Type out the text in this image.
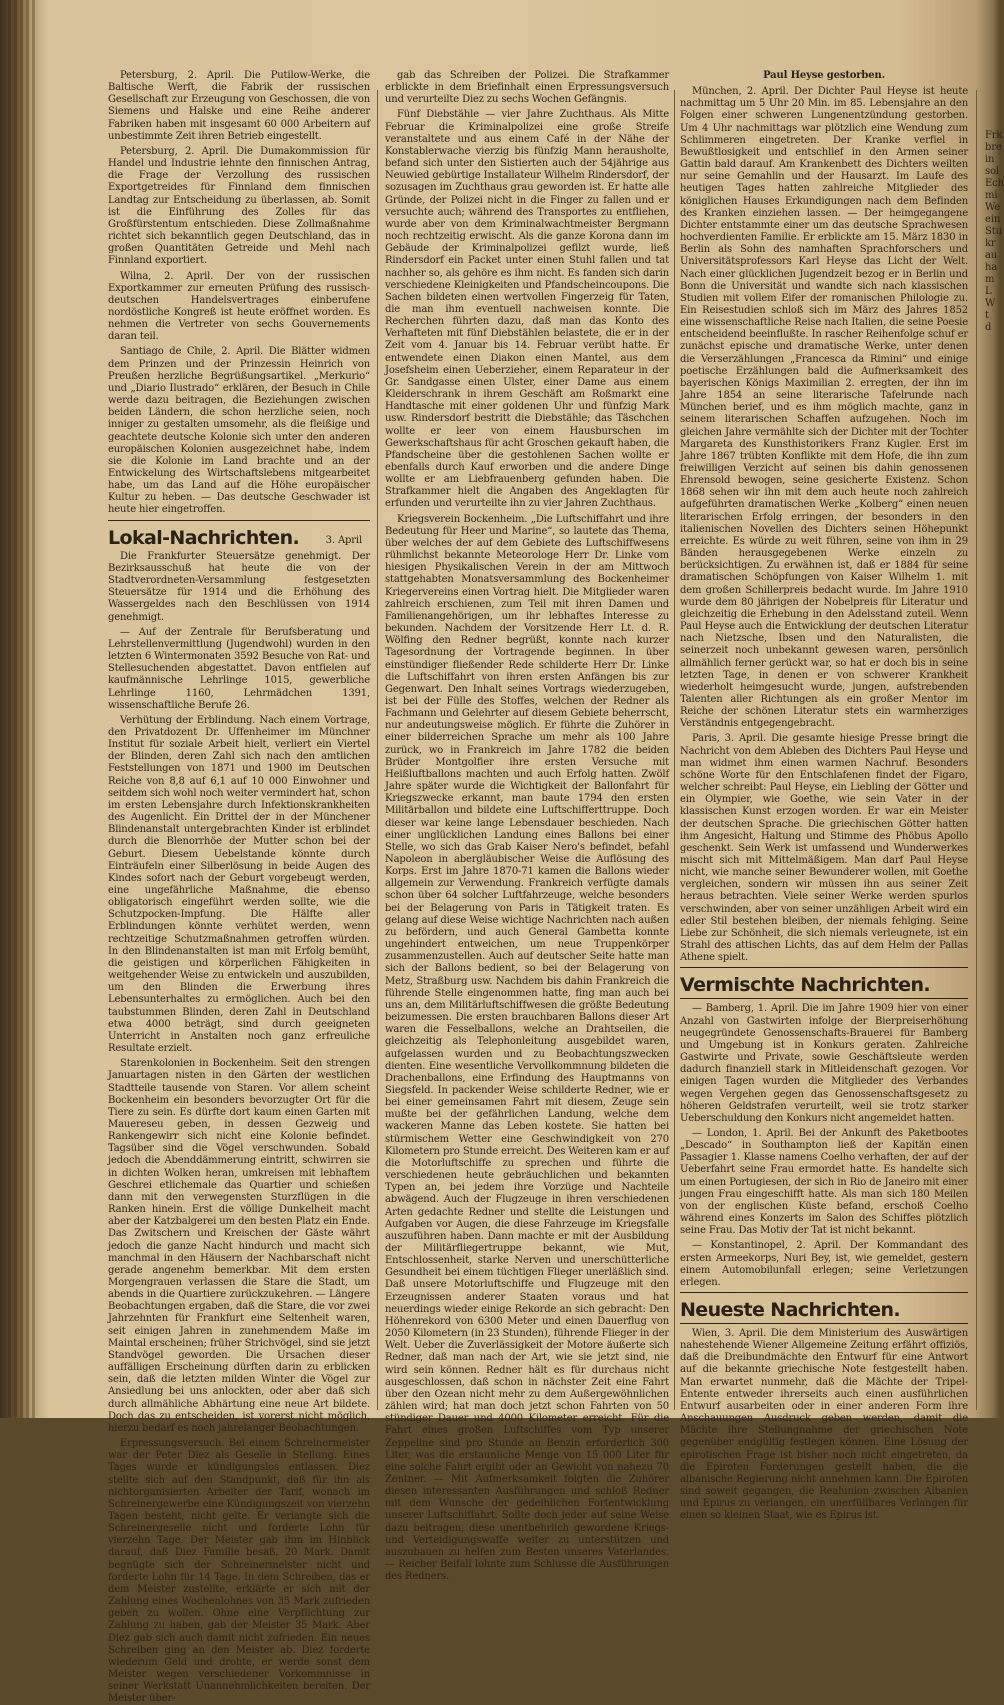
Petersburg, 2. April. Die Putilow-Werke, die Baltische Werft, die Fabrik der russischen Gesellschaft zur Erzeugung von Geschossen, die von Siemens und Halske und eine Reihe anderer Fabriken haben mit insgesamt 60 000 Arbeitern auf unbestimmte Zeit ihren Betrieb eingestellt.

Petersburg, 2. April. Die Dumakommission für Handel und Industrie lehnte den finnischen Antrag, die Frage der Verzollung des russischen Exportgetreides für Finnland dem finnischen Landtag zur Entscheidung zu überlassen, ab. Somit ist die Einführung des Zolles für das Großfürstentum entschieden. Diese Zollmaßnahme richtet sich bekanntlich gegen Deutschland, das in großen Quantitäten Getreide und Mehl nach Finnland exportiert.

Wilna, 2. April. Der von der russischen Exportkammer zur erneuten Prüfung des russisch-deutschen Handelsvertrages einberufene nordöstliche Kongreß ist heute eröffnet worden. Es nehmen die Vertreter von sechs Gouvernements daran teil.

Santiago de Chile, 2. April. Die Blätter widmen dem Prinzen und der Prinzessin Heinrich von Preußen herzliche Begrüßungsartikel. „Merkurio“ und „Diario Ilustrado“ erklären, der Besuch in Chile werde dazu beitragen, die Beziehungen zwischen beiden Ländern, die schon herzliche seien, noch inniger zu gestalten umsomehr, als die fleißige und geachtete deutsche Kolonie sich unter den anderen europäischen Kolonien ausgezeichnet habe, indem sie die Kolonie im Land brachte und an der Entwickelung des Wirtschaftslebens mitgearbeitet habe, um das Land auf die Höhe europäischer Kultur zu heben. — Das deutsche Geschwader ist heute hier eingetroffen.

Lokal-Nachrichten.	3. April

Die Frankfurter Steuersätze genehmigt. Der Bezirksausschuß hat heute die von der Stadtverordneten-Versammlung festgesetzten Steuersätze für 1914 und die Erhöhung des Wassergeldes nach den Beschlüssen von 1914 genehmigt.

— Auf der Zentrale für Berufsberatung und Lehrstellenvermittlung (Jugendwohl) wurden in den letzten 6 Wintermonaten 3592 Besuche von Rat- und Stellesuchenden abgestattet. Davon entfielen auf kaufmännische Lehrlinge 1015, gewerbliche Lehrlinge 1160, Lehrmädchen 1391, wissenschaftliche Berufe 26.

Verhütung der Erblindung. Nach einem Vortrage, den Privatdozent Dr. Uffenheimer im Münchner Institut für soziale Arbeit hielt, verliert ein Viertel der Blinden, deren Zahl sich nach den amtlichen Feststellungen von 1871 und 1900 im Deutschen Reiche von 8,8 auf 6,1 auf 10 000 Einwohner und seitdem sich wohl noch weiter vermindert hat, schon im ersten Lebensjahre durch Infektionskrankheiten des Augenlicht. Ein Drittel der in der Münchener Blindenanstalt untergebrachten Kinder ist erblindet durch die Blenorrhöe der Mutter schon bei der Geburt. Diesem Uebelstande könnte durch Einträufeln einer Silberlösung in beide Augen des Kindes sofort nach der Geburt vorgebeugt werden, eine ungefährliche Maßnahme, die ebenso obligatorisch eingeführt werden sollte, wie die Schutzpocken-Impfung. Die Hälfte aller Erblindungen könnte verhütet werden, wenn rechtzeitige Schutzmaßnahmen getroffen würden. In den Blindenanstalten ist man mit Erfolg bemüht, die geistigen und körperlichen Fähigkeiten in weitgehender Weise zu entwickeln und auszubilden, um den Blinden die Erwerbung ihres Lebensunterhaltes zu ermöglichen. Auch bei den taubstummen Blinden, deren Zahl in Deutschland etwa 4000 beträgt, sind durch geeigneten Unterricht in Anstalten noch ganz erfreuliche Resultate erzielt.

Starenkolonien in Bockenheim. Seit den strengen Januartagen nisten in den Gärten der westlichen Stadtteile tausende von Staren. Vor allem scheint Bockenheim ein besonders bevorzugter Ort für die Tiere zu sein. Es dürfte dort kaum einen Garten mit Mauereseu geben, in dessen Gezweig und Rankengewirr sich nicht eine Kolonie befindet. Tagsüber sind die Vögel verschwunden. Sobald jedoch die Abenddämmerung eintritt, schwirren sie in dichten Wolken heran, umkreisen mit lebhaftem Geschrei etlichemale das Quartier und schießen dann mit den verwegensten Sturzflügen in die Ranken hinein. Erst die völlige Dunkelheit macht aber der Katzbalgerei um den besten Platz ein Ende. Das Zwitschern und Kreischen der Gäste währt jedoch die ganze Nacht hindurch und macht sich manchmal in den Häusern der Nachbarschaft nicht gerade angenehm bemerkbar. Mit dem ersten Morgengrauen verlassen die Stare die Stadt, um abends in die Quartiere zurückzukehren. — Längere Beobachtungen ergaben, daß die Stare, die vor zwei Jahrzehnten für Frankfurt eine Seltenheit waren, seit einigen Jahren in zunehmendem Maße im Maintal erscheinen; früher Strichvögel, sind sie jetzt Standvögel geworden. Die Ursachen dieser auffälligen Erscheinung dürften darin zu erblicken sein, daß die letzten milden Winter die Vögel zur Ansiedlung bei uns anlockten, oder aber daß sich durch allmähliche Abhärtung eine neue Art bildete. Doch das zu entscheiden, ist vorerst nicht möglich, hierzu bedarf es noch jahrelanger Beobachtungen.

Erpressungsversuch. Bei einem Schreinermeister war der Peter Diez als Geselle in Stellung. Eines Tages wurde er kündigungslos entlassen. Diez stellte sich auf den Standpunkt, daß für ihn als nichtorganisierten Arbeiter der Tarif, wonach im Schreinergewerbe eine Kündigungszeit von vierzehn Tagen besteht, nicht gelte. Er verlangte sich die Schreinergeselle nicht und forderte Lohn für vierzehn Tage. Der Meister gab ihm im Hinblick darauf, daß Diez Familie besaß, 20 Mark. Damit begnügte sich der Schreinermeister nicht und forderte Lohn für 14 Tage. In dem Schreiben, das er dem Meister zustellte, erklärte er sich mit der Zahlung eines Wochenlohnes von 35 Mark zufrieden geben zu wollen. Ohne eine Verpflichtung zur Zahlung zu haben, gab der Meister 35 Mark. Aber Diez gab sich auch damit nicht zufrieden. Ein neues Schreiben ging an den Meister ab. Diez forderte wiederum Geld und drohte, er werde sonst dem Meister wegen verschiedener Vorkommnisse in seiner Werkstatt Unannehmlichkeiten bereiten. Der Meister über-

gab das Schreiben der Polizei. Die Strafkammer erblickte in dem Briefinhalt einen Erpressungsversuch und verurteilte Diez zu sechs Wochen Gefängnis.

Fünf Diebstähle — vier Jahre Zuchthaus. Als Mitte Februar die Kriminalpolizei eine große Streife veranstaltete und aus einem Café in der Nähe der Konstablerwache vierzig bis fünfzig Mann herausholte, befand sich unter den Sistierten auch der 54jährige aus Neuwied gebürtige Installateur Wilhelm Rindersdorf, der sozusagen im Zuchthaus grau geworden ist. Er hatte alle Gründe, der Polizei nicht in die Finger zu fallen und er versuchte auch; während des Transportes zu entfliehen, wurde aber von dem Kriminalwachtmeister Bergmann noch rechtzeitig erwischt. Als die ganze Korona dann im Gebäude der Kriminalpolizei gefilzt wurde, ließ Rindersdorf ein Packet unter einen Stuhl fallen und tat nachher so, als gehöre es ihm nicht. Es fanden sich darin verschiedene Kleinigkeiten und Pfandscheincoupons. Die Sachen bildeten einen wertvollen Fingerzeig für Taten, die man ihm eventuell nachweisen konnte. Die Recherchen führten dazu, daß man das Konto des Verhafteten mit fünf Diebstählen belastete, die er in der Zeit vom 4. Januar bis 14. Februar verübt hatte. Er entwendete einen Diakon einen Mantel, aus dem Josefsheim einen Ueberzieher, einem Reparateur in der Gr. Sandgasse einen Ulster, einer Dame aus einem Kleiderschrank in ihrem Geschäft am Roßmarkt eine Handtasche mit einer goldenen Uhr und fünfzig Mark usw. Rindersdorf bestritt die Diebstähle; das Täschchen wollte er leer von einem Hausburschen im Gewerkschaftshaus für acht Groschen gekauft haben, die Pfandscheine über die gestohlenen Sachen wollte er ebenfalls durch Kauf erworben und die andere Dinge wollte er am Liebfrauenberg gefunden haben. Die Strafkammer hielt die Angaben des Angeklagten für erfunden und verurteilte ihn zu vier Jahren Zuchthaus.

Kriegsverein Bockenheim. „Die Luftschiffahrt und ihre Bedeutung für Heer und Marine“, so lautete das Thema, über welches der auf dem Gebiete des Luftschiffwesens rühmlichst bekannte Meteorologe Herr Dr. Linke vom hiesigen Physikalischen Verein in der am Mittwoch stattgehabten Monatsversammlung des Bockenheimer Kriegervereins einen Vortrag hielt. Die Mitglieder waren zahlreich erschienen, zum Teil mit ihren Damen und Familienangehörigen, um ihr lebhaftes Interesse zu bekunden. Nachdem der Vorsitzende Herr Lt. d. R. Wölfing den Redner begrüßt, konnte nach kurzer Tagesordnung der Vortragende beginnen. In über einstündiger fließender Rede schilderte Herr Dr. Linke die Luftschiffahrt von ihren ersten Anfängen bis zur Gegenwart. Den Inhalt seines Vortrags wiederzugeben, ist bei der Fülle des Stoffes, welchen der Redner als Fachmann und Gelehrter auf diesem Gebiete beherrscht, nur andeutungsweise möglich. Er führte die Zuhörer in einer bilderreichen Sprache um mehr als 100 Jahre zurück, wo in Frankreich im Jahre 1782 die beiden Brüder Montgolfier ihre ersten Versuche mit Heißluftballons machten und auch Erfolg hatten. Zwölf Jahre später wurde die Wichtigkeit der Ballonfahrt für Kriegszwecke erkannt, man baute 1794 den ersten Militärballon und bildete eine Luftschifferttruppe. Doch dieser war keine lange Lebensdauer beschieden. Nach einer unglücklichen Landung eines Ballons bei einer Stelle, wo sich das Grab Kaiser Nero's befindet, befahl Napoleon in abergläubischer Weise die Auflösung des Korps. Erst im Jahre 1870-71 kamen die Ballons wieder allgemein zur Verwendung. Frankreich verfügte damals schon über 64 solcher Luftfahrzeuge, welche besonders bei der Belagerung von Paris in Tätigkeit traten. Es gelang auf diese Weise wichtige Nachrichten nach außen zu befördern, und auch General Gambetta konnte ungehindert entweichen, um neue Truppenkörper zusammenzustellen. Auch auf deutscher Seite hatte man sich der Ballons bedient, so bei der Belagerung von Metz, Straßburg usw. Nachdem bis dahin Frankreich die führende Stelle eingenommen hatte, fing man auch bei uns an, dem Militärluftschiffwesen die größte Bedeutung beizumessen. Die ersten brauchbaren Ballons dieser Art waren die Fesselballons, welche an Drahtseilen, die gleichzeitig als Telephonleitung ausgebildet waren, aufgelassen wurden und zu Beobachtungszwecken dienten. Eine wesentliche Vervollkommnung bildeten die Drachenballons, eine Erfindung des Hauptmanns von Siegsfeld. In packender Weise schilderte Redner, wie er bei einer gemeinsamen Fahrt mit diesem, Zeuge sein mußte bei der gefährlichen Landung, welche dem wackeren Manne das Leben kostete. Sie hatten bei stürmischem Wetter eine Geschwindigkeit von 270 Kilometern pro Stunde erreicht. Des Weiteren kam er auf die Motorluftschiffe zu sprechen und führte die verschiedenen heute gebräuchlichen und bekannten Typen an, bei jedem ihre Vorzüge und Nachteile abwägend. Auch der Flugzeuge in ihren verschiedenen Arten gedachte Redner und stellte die Leistungen und Aufgaben vor Augen, die diese Fahrzeuge im Kriegsfalle auszuführen haben. Dann machte er mit der Ausbildung der Militärfliegertruppe bekannt, wie Mut, Entschlossenheit, starke Nerven und unerschütterliche Gesundheit bei einem tüchtigen Flieger unerläßlich sind. Daß unsere Motorluftschiffe und Flugzeuge mit den Erzeugnissen anderer Staaten voraus und hat neuerdings wieder einige Rekorde an sich gebracht: Den Höhenrekord von 6300 Meter und einen Dauerflug von 2050 Kilometern (in 23 Stunden), führende Flieger in der Welt. Ueber die Zuverlässigkeit der Motore äußerte sich Redner, daß man nach der Art, wie sie jetzt sind, nie wird sein können. Redner hält es für durchaus nicht ausgeschlossen, daß schon in nächster Zeit eine Fahrt über den Ozean nicht mehr zu dem Außergewöhnlichen zählen wird; hat man doch jetzt schon Fahrten von 50 stündiger Dauer und 4000 Kilometer erreicht. Für die Fahrt eines großen Luftschiffes vom Typ unserer Zeppeline sind pro Stunde an Benzin erforderlich 300 Liter, was die erstaunliche Menge von 15 000 Liter für eine solche Fahrt ergibt oder an Gewicht von nahezu 70 Zentner. — Mit Aufmerksamkeit folgten die Zuhörer diesen interessanten Ausführungen und schloß Redner mit dem Wunsche der gedeihlichen Fortentwicklung unserer Luftschiffahrt. Sollte doch jeder auf seine Weise dazu beitragen, diese unentbehrlich gewordene Kriegs- und Verteidigungswaffe weiter zu unterstützen und auszubauen zu helfen zum Besten unseres Vaterlandes. — Reicher Beifall lohnte zum Schlusse die Ausführungen des Redners.

Paul Heyse gestorben.

München, 2. April. Der Dichter Paul Heyse ist heute nachmittag um 5 Uhr 20 Min. im 85. Lebensjahre an den Folgen einer schweren Lungenentzündung gestorben. Um 4 Uhr nachmittags war plötzlich eine Wendung zum Schlimmeren eingetreten. Der Kranke verfiel in Bewußtlosigkeit und entschlief in den Armen seiner Gattin bald darauf. Am Krankenbett des Dichters weilten nur seine Gemahlin und der Hausarzt. Im Laufe des heutigen Tages hatten zahlreiche Mitglieder des königlichen Hauses Erkundigungen nach dem Befinden des Kranken einziehen lassen. — Der heimgegangene Dichter entstammte einer um das deutsche Sprachwesen hochverdienten Familie. Er erblickte am 15. März 1830 in Berlin als Sohn des namhaften Sprachforschers und Universitätsprofessors Karl Heyse das Licht der Welt. Nach einer glücklichen Jugendzeit bezog er in Berlin und Bonn die Universität und wandte sich nach klassischen Studien mit vollem Eifer der romanischen Philologie zu. Ein Reisestudien schloß sich im März des Jahres 1852 eine wissenschaftliche Reise nach Italien, die seine Poesie entscheidend beeinflußte. In rascher Reihenfolge schuf er zunächst epische und dramatische Werke, unter denen die Verserzählungen „Francesca da Rimini“ und einige poetische Erzählungen bald die Aufmerksamkeit des bayerischen Königs Maximilian 2. erregten, der ihn im Jahre 1854 an seine literarische Tafelrunde nach München berief, und es ihm möglich machte, ganz in seinem literarischen Schaffen aufzugehen. Noch im gleichen Jahre vermählte sich der Dichter mit der Tochter Margareta des Kunsthistorikers Franz Kugler. Erst im Jahre 1867 trübten Konflikte mit dem Hofe, die ihn zum freiwilligen Verzicht auf seinen bis dahin genossenen Ehrensold bewogen, seine gesicherte Existenz. Schon 1868 sehen wir ihn mit dem auch heute noch zahlreich aufgeführten dramatischen Werke „Kolberg“ einen neuen literarischen Erfolg erringen, der besonders in den italienischen Novellen des Dichters seinen Höhepunkt erreichte. Es würde zu weit führen, seine von ihm in 29 Bänden herausgegebenen Werke einzeln zu berücksichtigen. Zu erwähnen ist, daß er 1884 für seine dramatischen Schöpfungen von Kaiser Wilhelm 1. mit dem großen Schillerpreis bedacht wurde. Im Jahre 1910 wurde dem 80 jährigen der Nobelpreis für Literatur und gleichzeitig die Erhebung in den Adelsstand zuteil. Wenn Paul Heyse auch die Entwicklung der deutschen Literatur nach Nietzsche, Ibsen und den Naturalisten, die seinerzeit noch unbekannt gewesen waren, persönlich allmählich ferner gerückt war, so hat er doch bis in seine letzten Tage, in denen er von schwerer Krankheit wiederholt heimgesucht wurde, jungen, aufstrebenden Talenten aller Richtungen als ein großer Mentor im Reiche der schönen Literatur stets ein warmherziges Verständnis entgegengebracht.

Paris, 3. April. Die gesamte hiesige Presse bringt die Nachricht von dem Ableben des Dichters Paul Heyse und man widmet ihm einen warmen Nachruf. Besonders schöne Worte für den Entschlafenen findet der Figaro, welcher schreibt: Paul Heyse, ein Liebling der Götter und ein Olympier, wie Goethe, wie sein Vater in der klassischen Kunst erzogen worden. Er war ein Meister der deutschen Sprache. Die griechischen Götter hatten ihm Angesicht, Haltung und Stimme des Phöbus Apollo geschenkt. Sein Werk ist umfassend und Wunderwerkes mischt sich mit Mittelmäßigem. Man darf Paul Heyse nicht, wie manche seiner Bewunderer wollen, mit Goethe vergleichen, sondern wir müssen ihn aus seiner Zeit heraus betrachten. Viele seiner Werke werden spurlos verschwinden, aber von seiner unzähligen Arbeit wird ein edler Stil bestehen bleiben, der niemals fehlging. Seine Liebe zur Schönheit, die sich niemals verleugnete, ist ein Strahl des attischen Lichts, das auf dem Helm der Pallas Athene spielt.

Vermischte Nachrichten.

— Bamberg, 1. April. Die im Jahre 1909 hier von einer Anzahl von Gastwirten infolge der Bierpreiserhöhung neugegründete Genossenschafts-Brauerei für Bamberg und Umgebung ist in Konkurs geraten. Zahlreiche Gastwirte und Private, sowie Geschäftsleute werden dadurch finanziell stark in Mitleidenschaft gezogen. Vor einigen Tagen wurden die Mitglieder des Verbandes wegen Vergehen gegen das Genossenschaftsgesetz zu höheren Geldstrafen verurteilt, weil sie trotz starker Ueberschuldung den Konkurs nicht angemeldet hatten.

— London, 1. April. Bei der Ankunft des Paketbootes „Descado“ in Southampton ließ der Kapitän einen Passagier 1. Klasse namens Coelho verhaften, der auf der Ueberfahrt seine Frau ermordet hatte. Es handelte sich um einen Portugiesen, der sich in Rio de Janeiro mit einer jungen Frau eingeschifft hatte. Als man sich 180 Meilen von der englischen Küste befand, erschoß Coelho während eines Konzerts im Salon des Schiffes plötzlich seine Frau. Das Motiv der Tat ist nicht bekannt.

— Konstantinopel, 2. April. Der Kommandant des ersten Armeekorps, Nuri Bey, ist, wie gemeldet, gestern einem Automobilunfall erlegen; seine Verletzungen erlegen.

Neueste Nachrichten.

Wien, 3. April. Die dem Ministerium des Auswärtigen nahestehende Wiener Allgemeine Zeitung erfährt offiziös, daß die Dreibundmächte den Entwurf für eine Antwort auf die bekannte griechische Note festgestellt haben. Man erwartet nunmehr, daß die Mächte der Tripel-Entente entweder ihrerseits auch einen ausführlichen Entwurf ausarbeiten oder in einer anderen Form ihre Anschauungen Ausdruck geben werden, damit die Mächte ihre Stellungnahme der griechischen Note gegenüber endgültig festlegen können. Eine Lösung der epirotischen Frage ist bisher noch nicht eingetreten, da die Epiroten Forderungen gestellt haben, die die albanische Regierung nicht annehmen kann. Die Epiroten sind soweit gegangen, die Realunion zwischen Albanien und Epirus zu verlangen, ein unerfüllbares Verlangen für einen so kleinen Staat, wie es Epirus ist.

Frk
bre
in
sol
Ech
mi
We
ein
Stu
kr
au
ha
m
L
W
t
d
